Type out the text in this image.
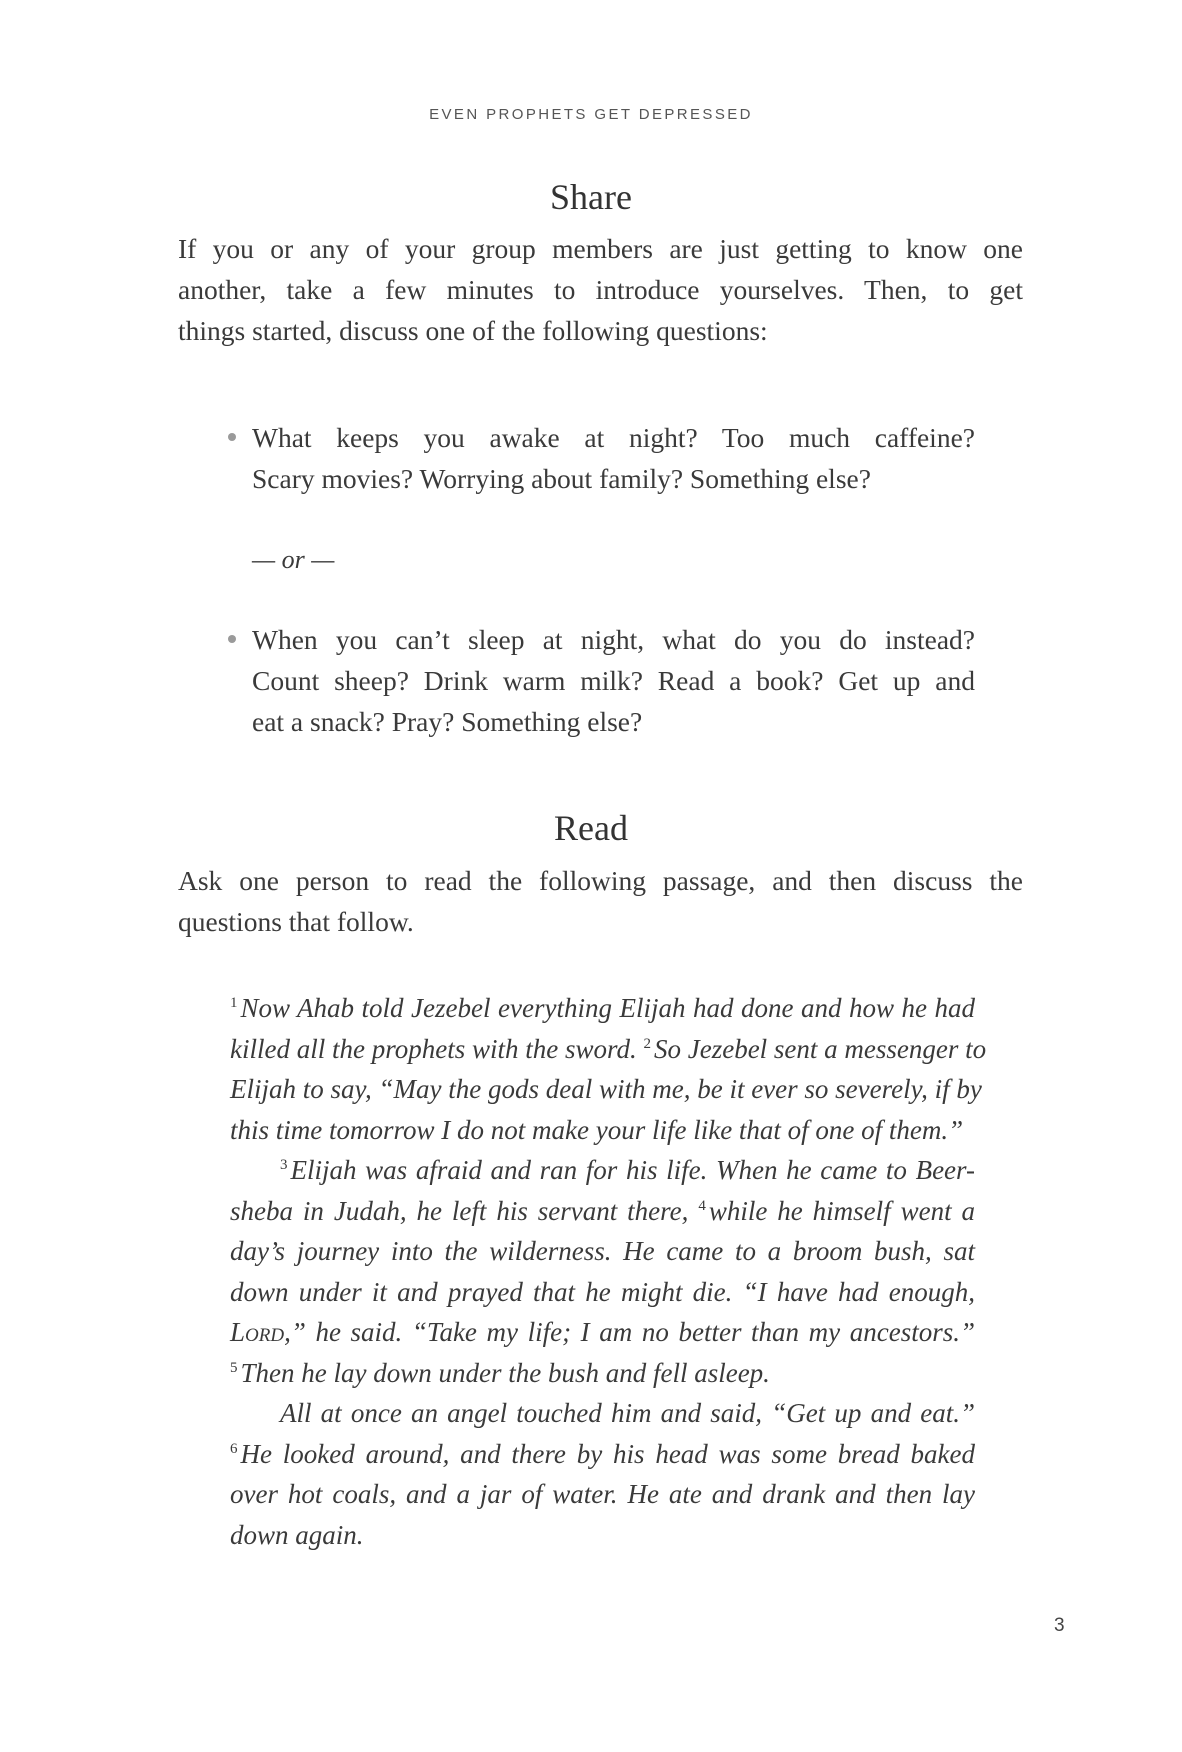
EVEN PROPHETS GET DEPRESSED
Share
If you or any of your group members are just getting to know one
another, take a few minutes to introduce yourselves. Then, to get
things started, discuss one of the following questions:
What keeps you awake at night? Too much caffeine?
Scary movies? Worrying about family? Something else?
— or —
When you can’t sleep at night, what do you do instead?
Count sheep? Drink warm milk? Read a book? Get up and
eat a snack? Pray? Something else?
Read
Ask one person to read the following passage, and then discuss the
questions that follow.
$^1$ Now Ahab told Jezebel everything Elijah had done and how he had
killed all the prophets with the sword. $^2$ So Jezebel sent a messenger to
Elijah to say, “May the gods deal with me, be it ever so severely, if by
this time tomorrow I do not make your life like that of one of them.”
$^3$ Elijah was afraid and ran for his life. When he came to Beer-
sheba in Judah, he left his servant there, $^4$ while he himself went a
day’s journey into the wilderness. He came to a broom bush, sat
down under it and prayed that he might die. “I have had enough,
Lord,” he said. “Take my life; I am no better than my ancestors.”
$^5$ Then he lay down under the bush and fell asleep.
All at once an angel touched him and said, “Get up and eat.”
$^6$ He looked around, and there by his head was some bread baked
over hot coals, and a jar of water. He ate and drank and then lay
down again.
3
